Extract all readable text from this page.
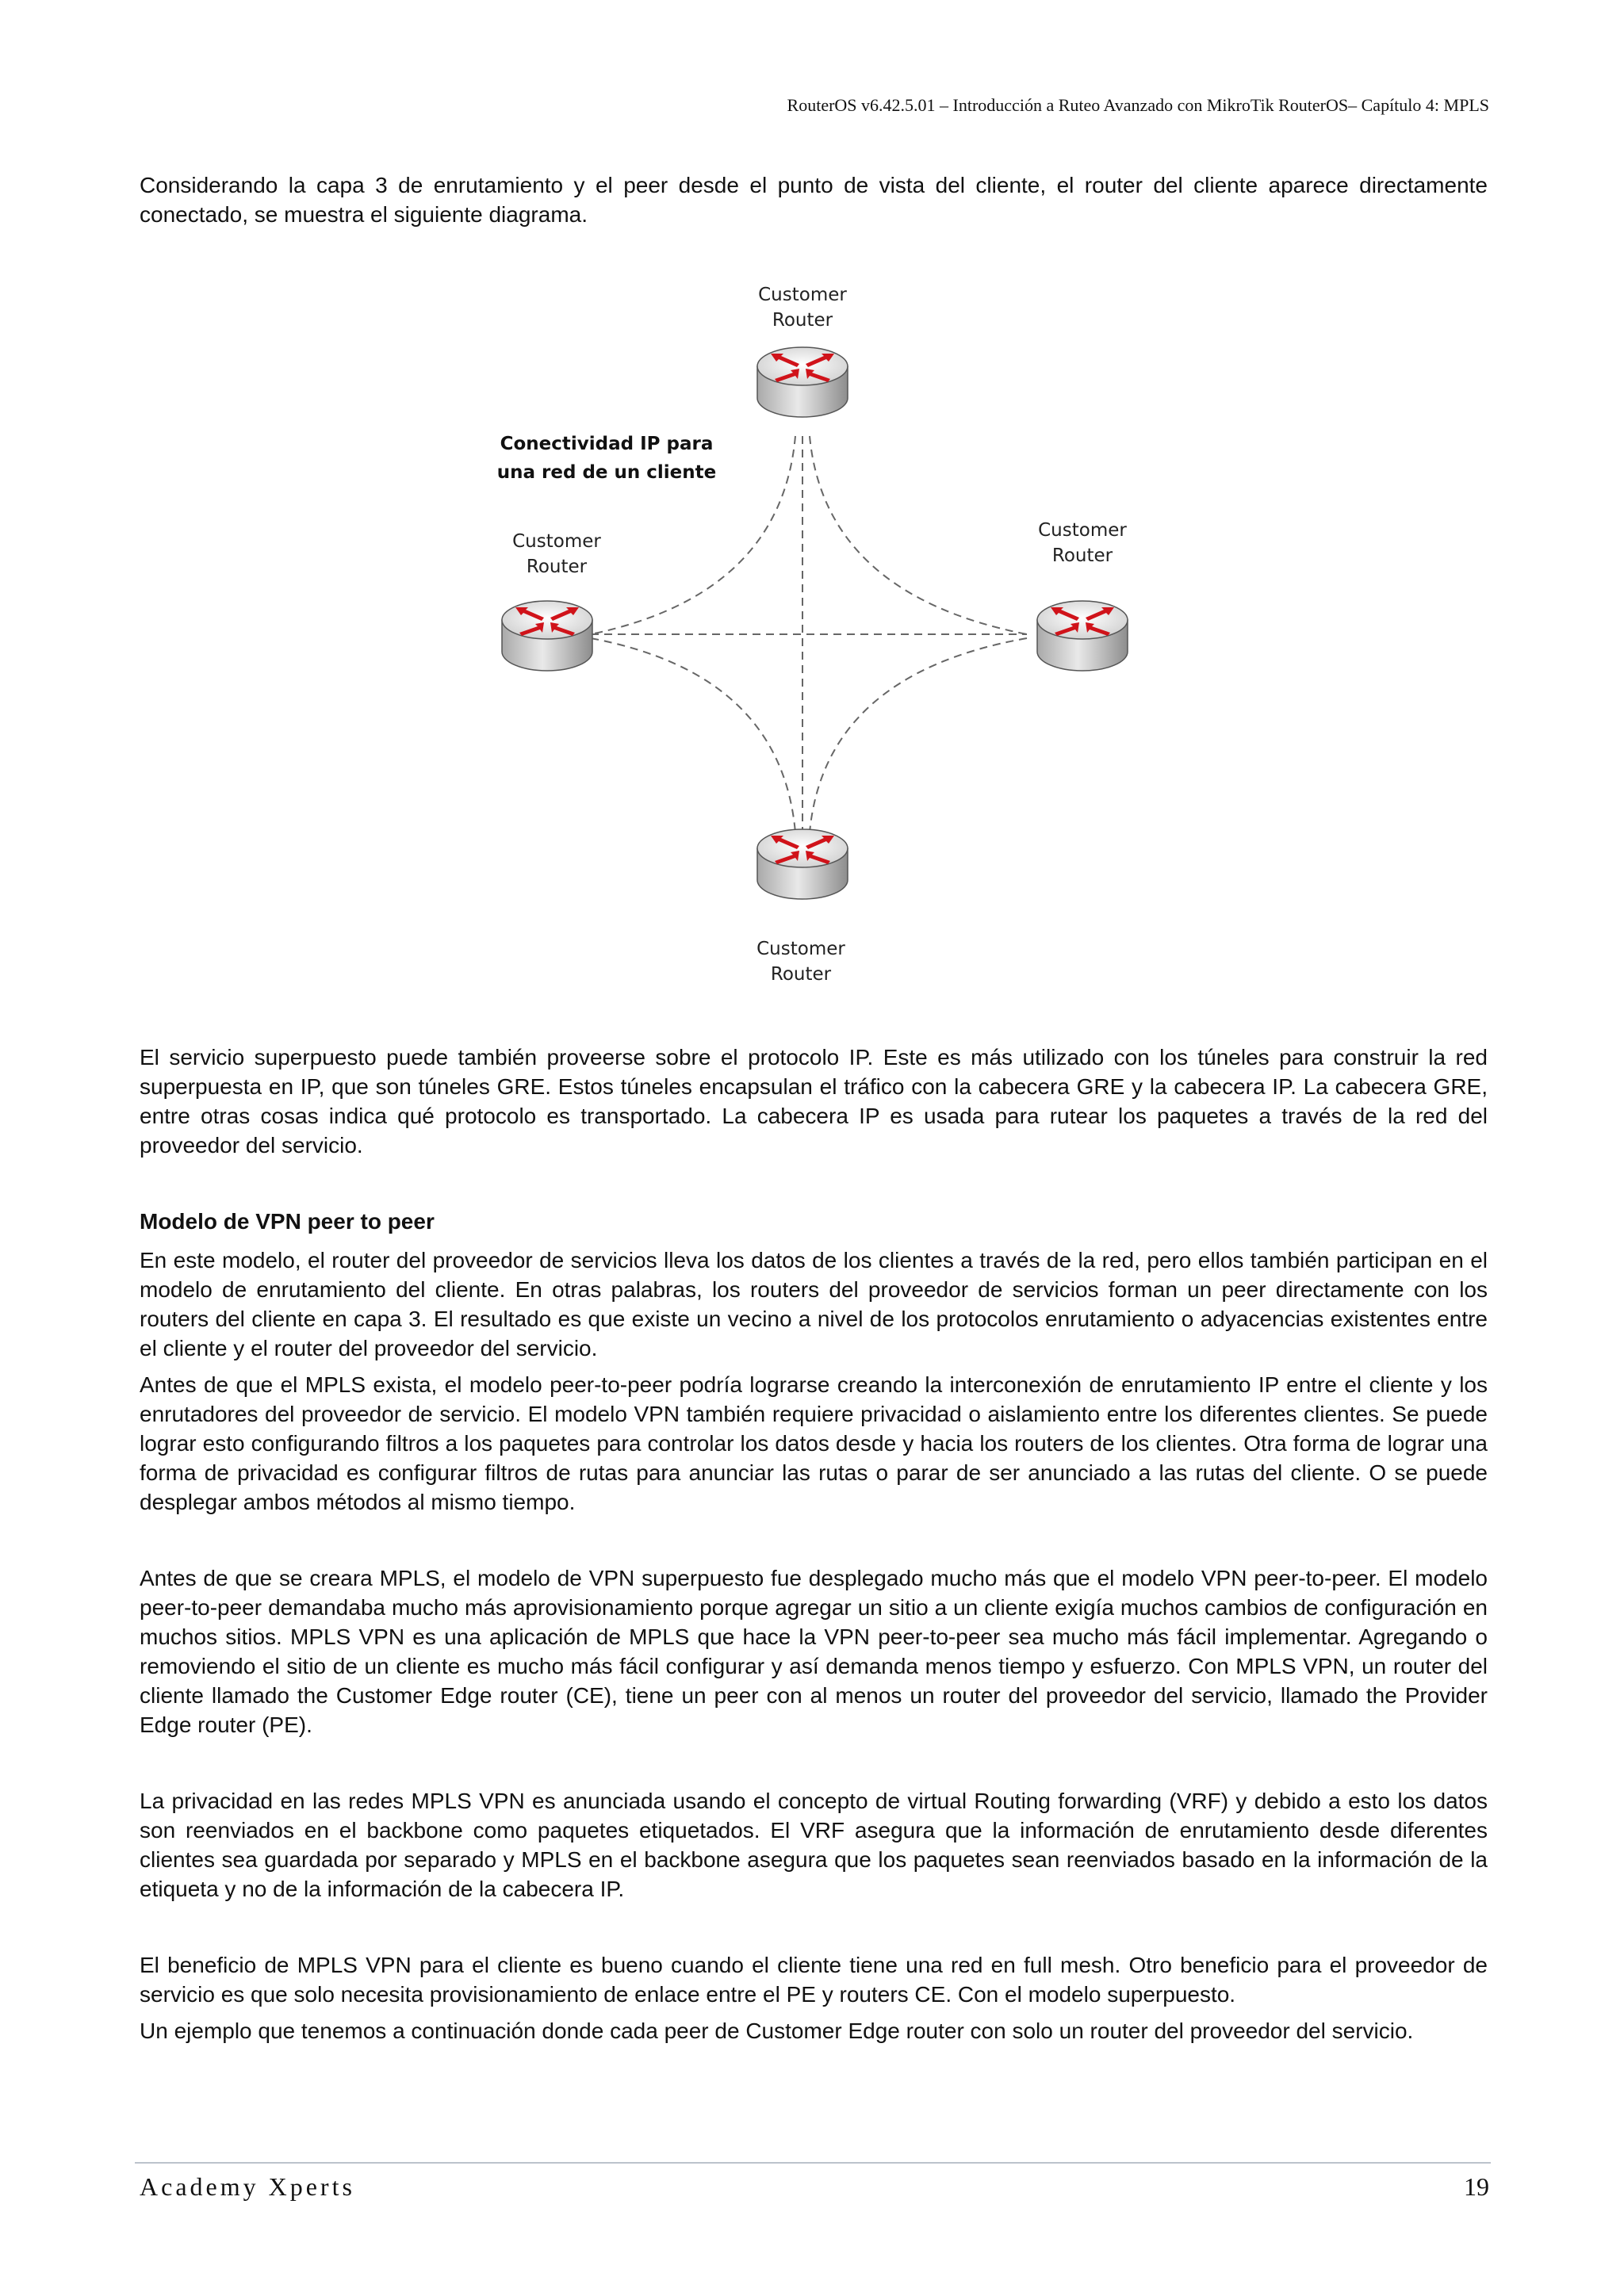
RouterOS v6.42.5.01 – Introducción a Ruteo Avanzado con MikroTik RouterOS– Capítulo 4: MPLS

Considerando la capa 3 de enrutamiento y el peer desde el punto de vista del cliente, el router del cliente aparece directamente conectado, se muestra el siguiente diagrama.

Conectividad IP para
una red de un cliente
Customer
Router
Customer
Router
Customer
Router
Customer
Router

El servicio superpuesto puede también proveerse sobre el protocolo IP. Este es más utilizado con los túneles para construir la red superpuesta en IP, que son túneles GRE. Estos túneles encapsulan el tráfico con la cabecera GRE y la cabecera IP. La cabecera GRE, entre otras cosas indica qué protocolo es transportado. La cabecera IP es usada para rutear los paquetes a través de la red del proveedor del servicio.

Modelo de VPN peer to peer

En este modelo, el router del proveedor de servicios lleva los datos de los clientes a través de la red, pero ellos también participan en el modelo de enrutamiento del cliente. En otras palabras, los routers del proveedor de servicios forman un peer directamente con los routers del cliente en capa 3. El resultado es que existe un vecino a nivel de los protocolos enrutamiento o adyacencias existentes entre el cliente y el router del proveedor del servicio.

Antes de que el MPLS exista, el modelo peer-to-peer podría lograrse creando la interconexión de enrutamiento IP entre el cliente y los enrutadores del proveedor de servicio. El modelo VPN también requiere privacidad o aislamiento entre los diferentes clientes. Se puede lograr esto configurando filtros a los paquetes para controlar los datos desde y hacia los routers de los clientes. Otra forma de lograr una forma de privacidad es configurar filtros de rutas para anunciar las rutas o parar de ser anunciado a las rutas del cliente. O se puede desplegar ambos métodos al mismo tiempo.

Antes de que se creara MPLS, el modelo de VPN superpuesto fue desplegado mucho más que el modelo VPN peer-to-peer. El modelo peer-to-peer demandaba mucho más aprovisionamiento porque agregar un sitio a un cliente exigía muchos cambios de configuración en muchos sitios. MPLS VPN es una aplicación de MPLS que hace la VPN peer-to-peer sea mucho más fácil implementar. Agregando o removiendo el sitio de un cliente es mucho más fácil configurar y así demanda menos tiempo y esfuerzo. Con MPLS VPN, un router del cliente llamado the Customer Edge router (CE), tiene un peer con al menos un router del proveedor del servicio, llamado the Provider Edge router (PE).

La privacidad en las redes MPLS VPN es anunciada usando el concepto de virtual Routing forwarding (VRF) y debido a esto los datos son reenviados en el backbone como paquetes etiquetados. El VRF asegura que la información de enrutamiento desde diferentes clientes sea guardada por separado y MPLS en el backbone asegura que los paquetes sean reenviados basado en la información de la etiqueta y no de la información de la cabecera IP.

El beneficio de MPLS VPN para el cliente es bueno cuando el cliente tiene una red en full mesh. Otro beneficio para el proveedor de servicio es que solo necesita provisionamiento de enlace entre el PE y routers CE. Con el modelo superpuesto.

Un ejemplo que tenemos a continuación donde cada peer de Customer Edge router con solo un router del proveedor del servicio.

Academy Xperts	19
